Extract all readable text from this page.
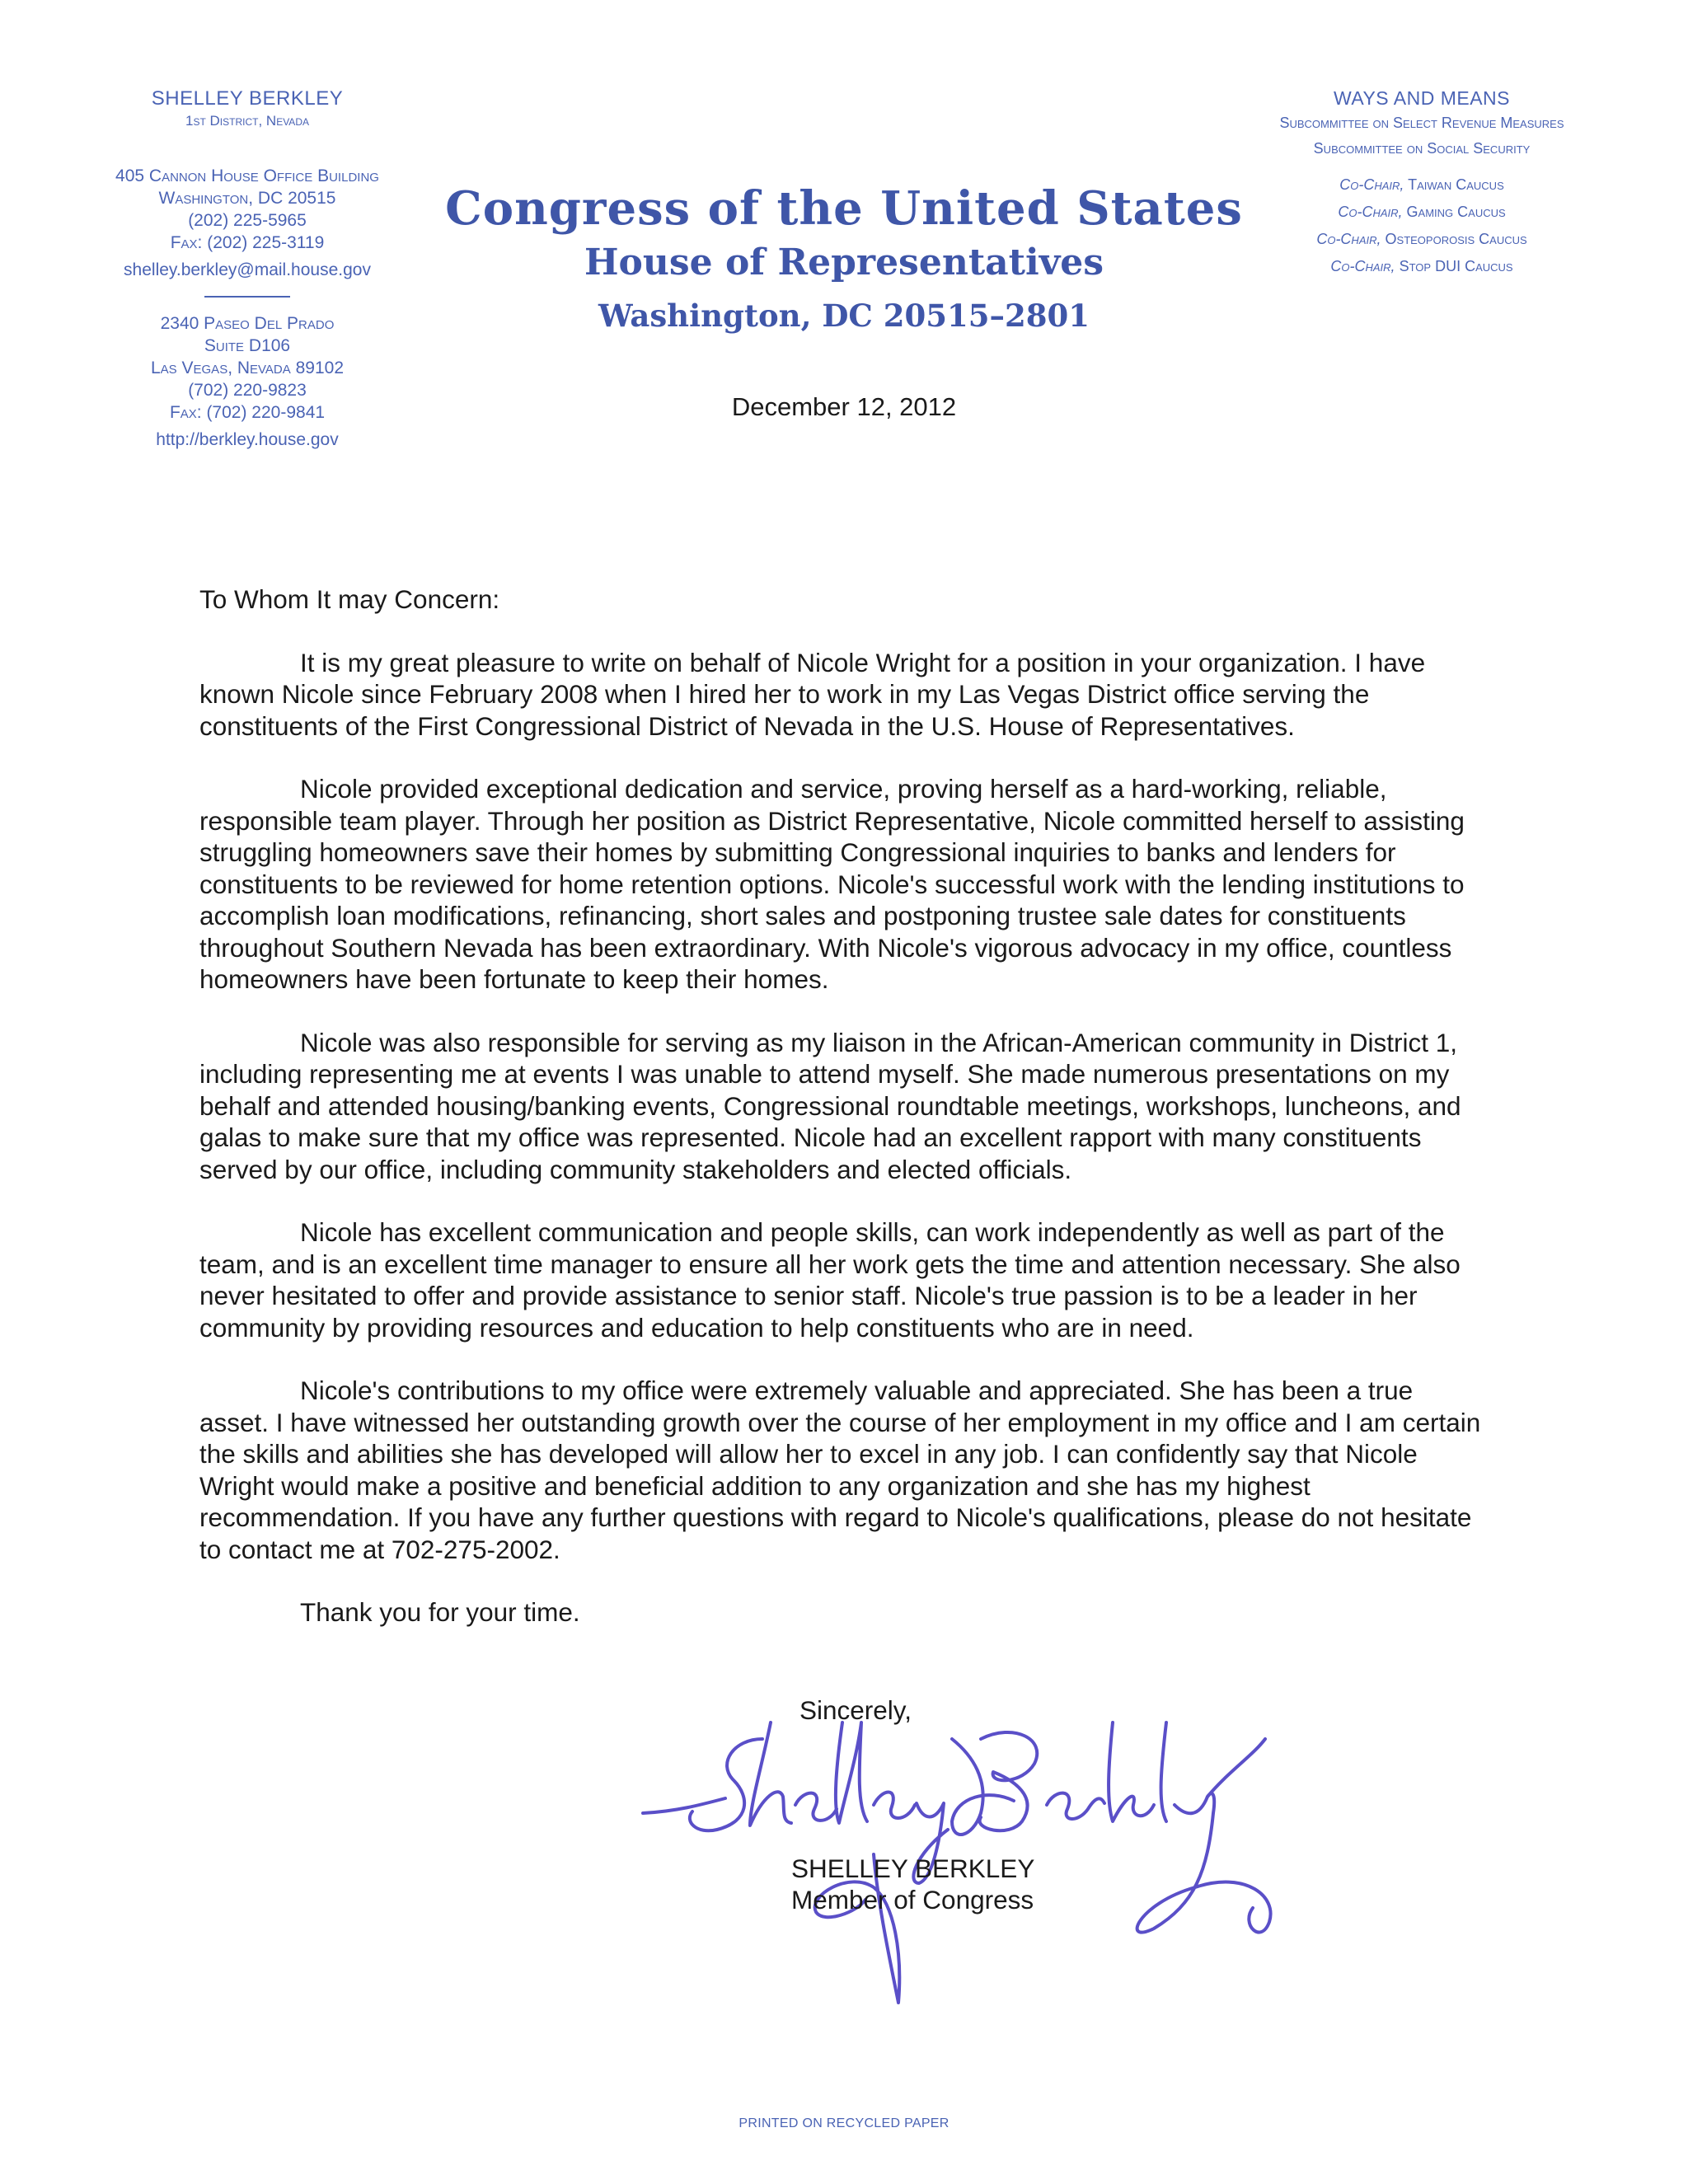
SHELLEY BERKLEY
1st District, Nevada
405 Cannon House Office Building
Washington, DC 20515
(202) 225-5965
Fax: (202) 225-3119
shelley.berkley@mail.house.gov
2340 Paseo Del Prado
Suite D106
Las Vegas, Nevada 89102
(702) 220-9823
Fax: (702) 220-9841
http://berkley.house.gov
Congress of the United States
House of Representatives
Washington, DC 20515–2801
WAYS AND MEANS
Subcommittee on Select Revenue Measures
Subcommittee on Social Security
Co-Chair, Taiwan Caucus
Co-Chair, Gaming Caucus
Co-Chair, Osteoporosis Caucus
Co-Chair, Stop DUI Caucus
December 12, 2012

To Whom It may Concern:

It is my great pleasure to write on behalf of Nicole Wright for a position in your organization. I have known Nicole since February 2008 when I hired her to work in my Las Vegas District office serving the constituents of the First Congressional District of Nevada in the U.S. House of Representatives.

Nicole provided exceptional dedication and service, proving herself as a hard-working, reliable, responsible team player. Through her position as District Representative, Nicole committed herself to assisting struggling homeowners save their homes by submitting Congressional inquiries to banks and lenders for constituents to be reviewed for home retention options. Nicole's successful work with the lending institutions to accomplish loan modifications, refinancing, short sales and postponing trustee sale dates for constituents throughout Southern Nevada has been extraordinary. With Nicole's vigorous advocacy in my office, countless homeowners have been fortunate to keep their homes.

Nicole was also responsible for serving as my liaison in the African-American community in District 1, including representing me at events I was unable to attend myself. She made numerous presentations on my behalf and attended housing/banking events, Congressional roundtable meetings, workshops, luncheons, and galas to make sure that my office was represented. Nicole had an excellent rapport with many constituents served by our office, including community stakeholders and elected officials.

Nicole has excellent communication and people skills, can work independently as well as part of the team, and is an excellent time manager to ensure all her work gets the time and attention necessary. She also never hesitated to offer and provide assistance to senior staff. Nicole's true passion is to be a leader in her community by providing resources and education to help constituents who are in need.

Nicole's contributions to my office were extremely valuable and appreciated. She has been a true asset. I have witnessed her outstanding growth over the course of her employment in my office and I am certain the skills and abilities she has developed will allow her to excel in any job. I can confidently say that Nicole Wright would make a positive and beneficial addition to any organization and she has my highest recommendation. If you have any further questions with regard to Nicole's qualifications, please do not hesitate to contact me at 702-275-2002.

Thank you for your time.

Sincerely,
SHELLEY BERKLEY
Member of Congress
PRINTED ON RECYCLED PAPER
